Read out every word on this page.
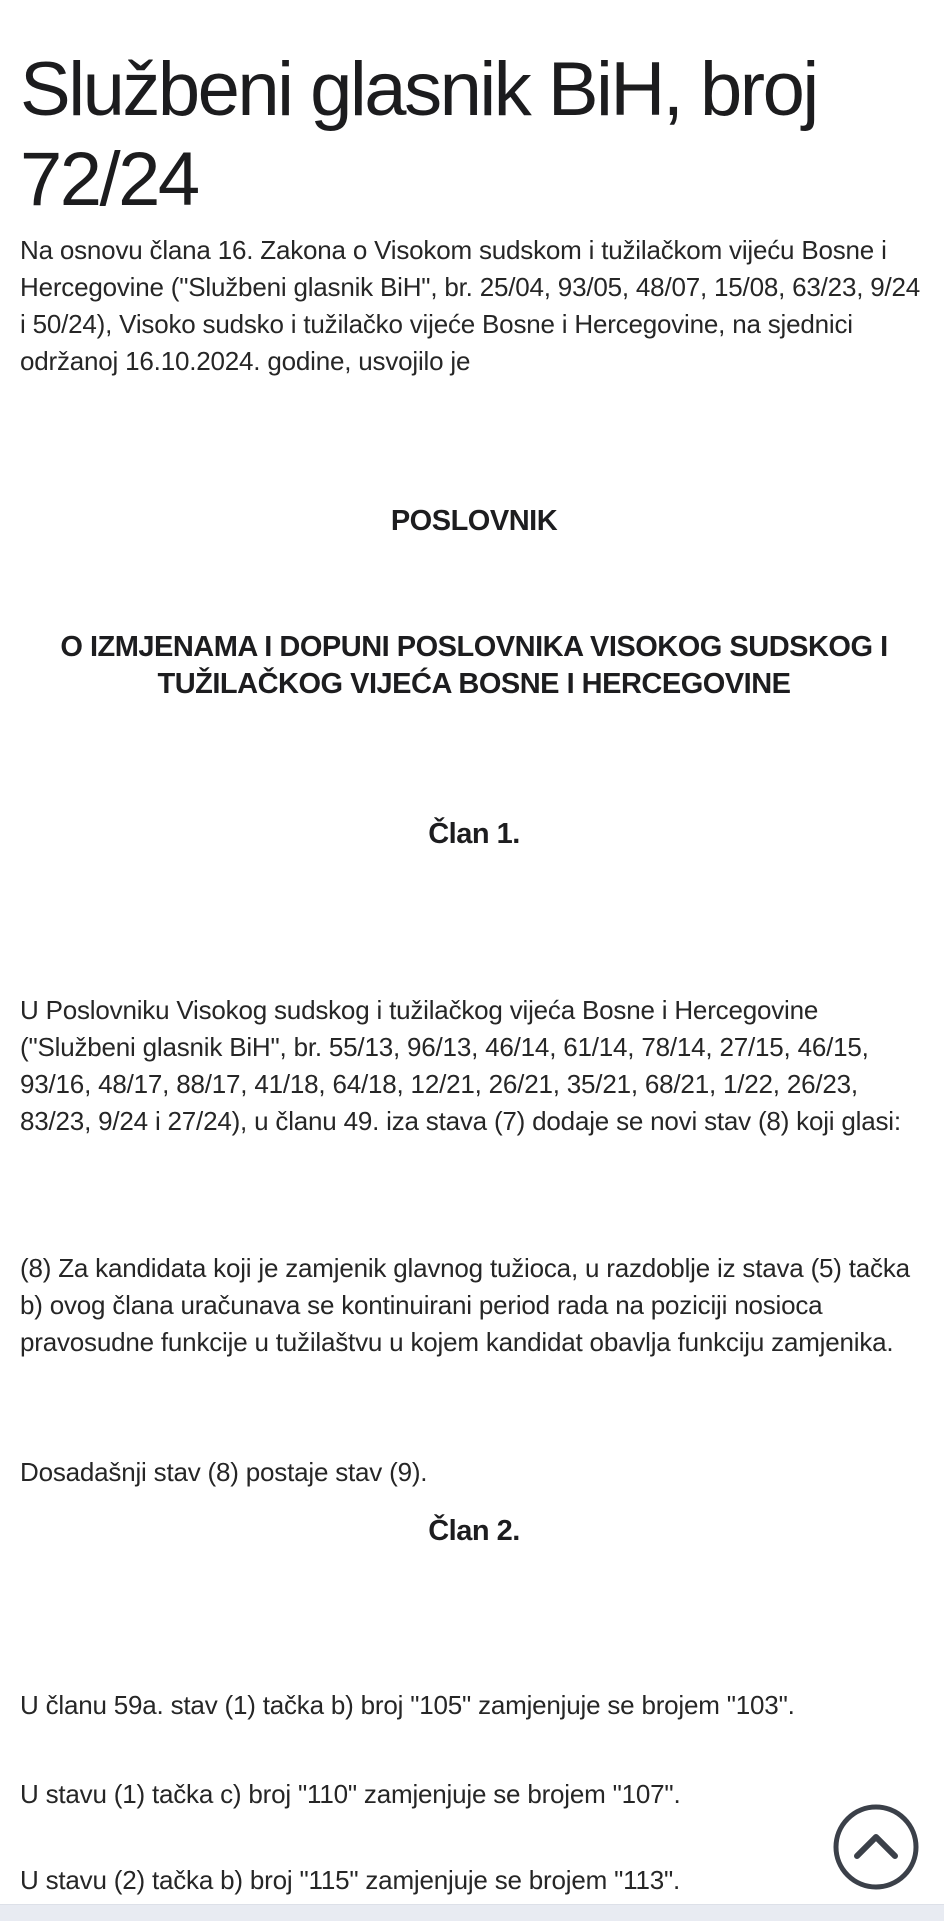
Službeni glasnik BiH, broj 72/24

Na osnovu člana 16. Zakona o Visokom sudskom i tužilačkom vijeću Bosne i Hercegovine ("Službeni glasnik BiH", br. 25/04, 93/05, 48/07, 15/08, 63/23, 9/24 i 50/24), Visoko sudsko i tužilačko vijeće Bosne i Hercegovine, na sjednici održanoj 16.10.2024. godine, usvojilo je

POSLOVNIK
O IZMJENAMA I DOPUNI POSLOVNIKA VISOKOG SUDSKOG I TUŽILAČKOG VIJEĆA BOSNE I HERCEGOVINE
Član 1.

U Poslovniku Visokog sudskog i tužilačkog vijeća Bosne i Hercegovine ("Službeni glasnik BiH", br. 55/13, 96/13, 46/14, 61/14, 78/14, 27/15, 46/15, 93/16, 48/17, 88/17, 41/18, 64/18, 12/21, 26/21, 35/21, 68/21, 1/22, 26/23, 83/23, 9/24 i 27/24), u članu 49. iza stava (7) dodaje se novi stav (8) koji glasi:

(8) Za kandidata koji je zamjenik glavnog tužioca, u razdoblje iz stava (5) tačka b) ovog člana uračunava se kontinuirani period rada na poziciji nosioca pravosudne funkcije u tužilaštvu u kojem kandidat obavlja funkciju zamjenika.

Dosadašnji stav (8) postaje stav (9).

Član 2.

U članu 59a. stav (1) tačka b) broj "105" zamjenjuje se brojem "103".

U stavu (1) tačka c) broj "110" zamjenjuje se brojem "107".

U stavu (2) tačka b) broj "115" zamjenjuje se brojem "113".
